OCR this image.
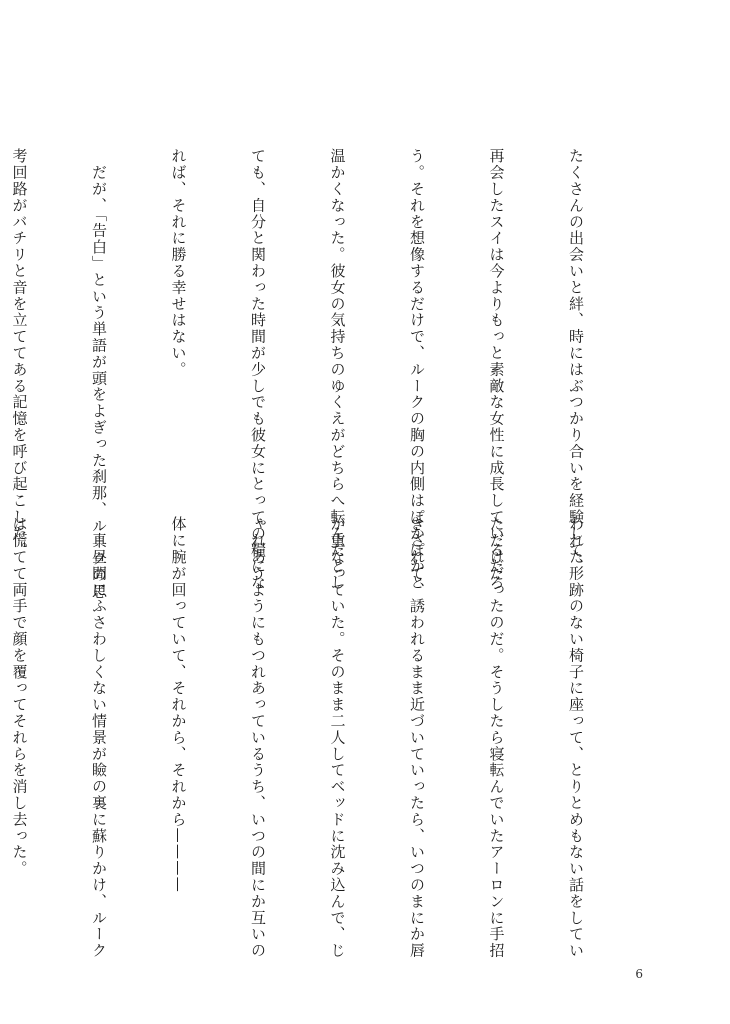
たくさんの出会いと絆、時にはぶつかり合いを経験して、

再会したスイは今よりもっと素敵な女性に成長しているだろ

う。それを想像するだけで、ルークの胸の内側はぽかぽかと

温かくなった。彼女の気持ちのゆくえがどちらへ転んだとし

ても、自分と関わった時間が少しでも彼女にとっての糧にな

れば、それに勝る幸せはない。

　だが、「告白」という単語が頭をよぎった刹那、ルークの思

考回路がバチリと音を立ててある記憶を呼び起こした。

われた形跡のない椅子に座って、とりとめもない話をしてい

ただけだったのだ。そうしたら寝転んでいたアーロンに手招

きされて、誘われるまま近づいていったら、いつのまにか唇

が重なっていた。そのまま二人してベッドに沈み込んで、じ

ゃれあうようにもつれあっているうち、いつの間にか互いの

体に腕が回っていて、それから、それから————

　真昼間にふさわしくない情景が瞼の裏に蘇りかけ、ルーク

は慌てて両手で顔を覆ってそれらを消し去った。

6
